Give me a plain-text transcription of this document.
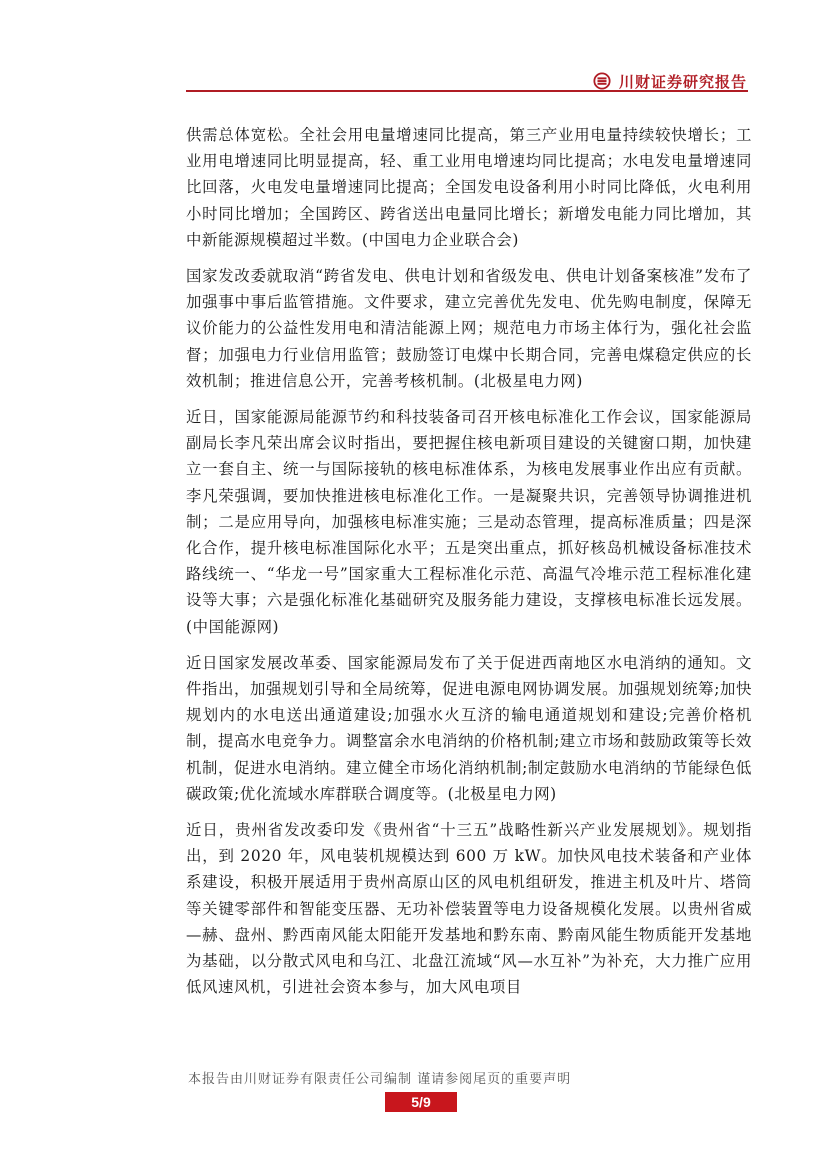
川财证券研究报告

供需总体宽松。全社会用电量增速同比提高，第三产业用电量持续较快增长；工业用电增速同比明显提高，轻、重工业用电增速均同比提高；水电发电量增速同比回落，火电发电量增速同比提高；全国发电设备利用小时同比降低，火电利用小时同比增加；全国跨区、跨省送出电量同比增长；新增发电能力同比增加，其中新能源规模超过半数。(中国电力企业联合会)

国家发改委就取消“跨省发电、供电计划和省级发电、供电计划备案核准”发布了加强事中事后监管措施。文件要求，建立完善优先发电、优先购电制度，保障无议价能力的公益性发用电和清洁能源上网；规范电力市场主体行为，强化社会监督；加强电力行业信用监管；鼓励签订电煤中长期合同，完善电煤稳定供应的长效机制；推进信息公开，完善考核机制。(北极星电力网)

近日，国家能源局能源节约和科技装备司召开核电标准化工作会议，国家能源局副局长李凡荣出席会议时指出，要把握住核电新项目建设的关键窗口期，加快建立一套自主、统一与国际接轨的核电标准体系，为核电发展事业作出应有贡献。李凡荣强调，要加快推进核电标准化工作。一是凝聚共识，完善领导协调推进机制；二是应用导向，加强核电标准实施；三是动态管理，提高标准质量；四是深化合作，提升核电标准国际化水平；五是突出重点，抓好核岛机械设备标准技术路线统一、“华龙一号”国家重大工程标准化示范、高温气冷堆示范工程标准化建设等大事；六是强化标准化基础研究及服务能力建设，支撑核电标准长远发展。(中国能源网)

近日国家发展改革委、国家能源局发布了关于促进西南地区水电消纳的通知。文件指出，加强规划引导和全局统筹，促进电源电网协调发展。加强规划统筹;加快规划内的水电送出通道建设;加强水火互济的输电通道规划和建设;完善价格机制，提高水电竞争力。调整富余水电消纳的价格机制;建立市场和鼓励政策等长效机制，促进水电消纳。建立健全市场化消纳机制;制定鼓励水电消纳的节能绿色低碳政策;优化流域水库群联合调度等。(北极星电力网)

近日，贵州省发改委印发《贵州省“十三五”战略性新兴产业发展规划》。规划指出，到 2020 年，风电装机规模达到 600 万 kW。加快风电技术装备和产业体系建设，积极开展适用于贵州高原山区的风电机组研发，推进主机及叶片、塔筒等关键零部件和智能变压器、无功补偿装置等电力设备规模化发展。以贵州省威—赫、盘州、黔西南风能太阳能开发基地和黔东南、黔南风能生物质能开发基地为基础，以分散式风电和乌江、北盘江流域“风—水互补”为补充，大力推广应用低风速风机，引进社会资本参与，加大风电项目

本报告由川财证券有限责任公司编制 谨请参阅尾页的重要声明
5/9
